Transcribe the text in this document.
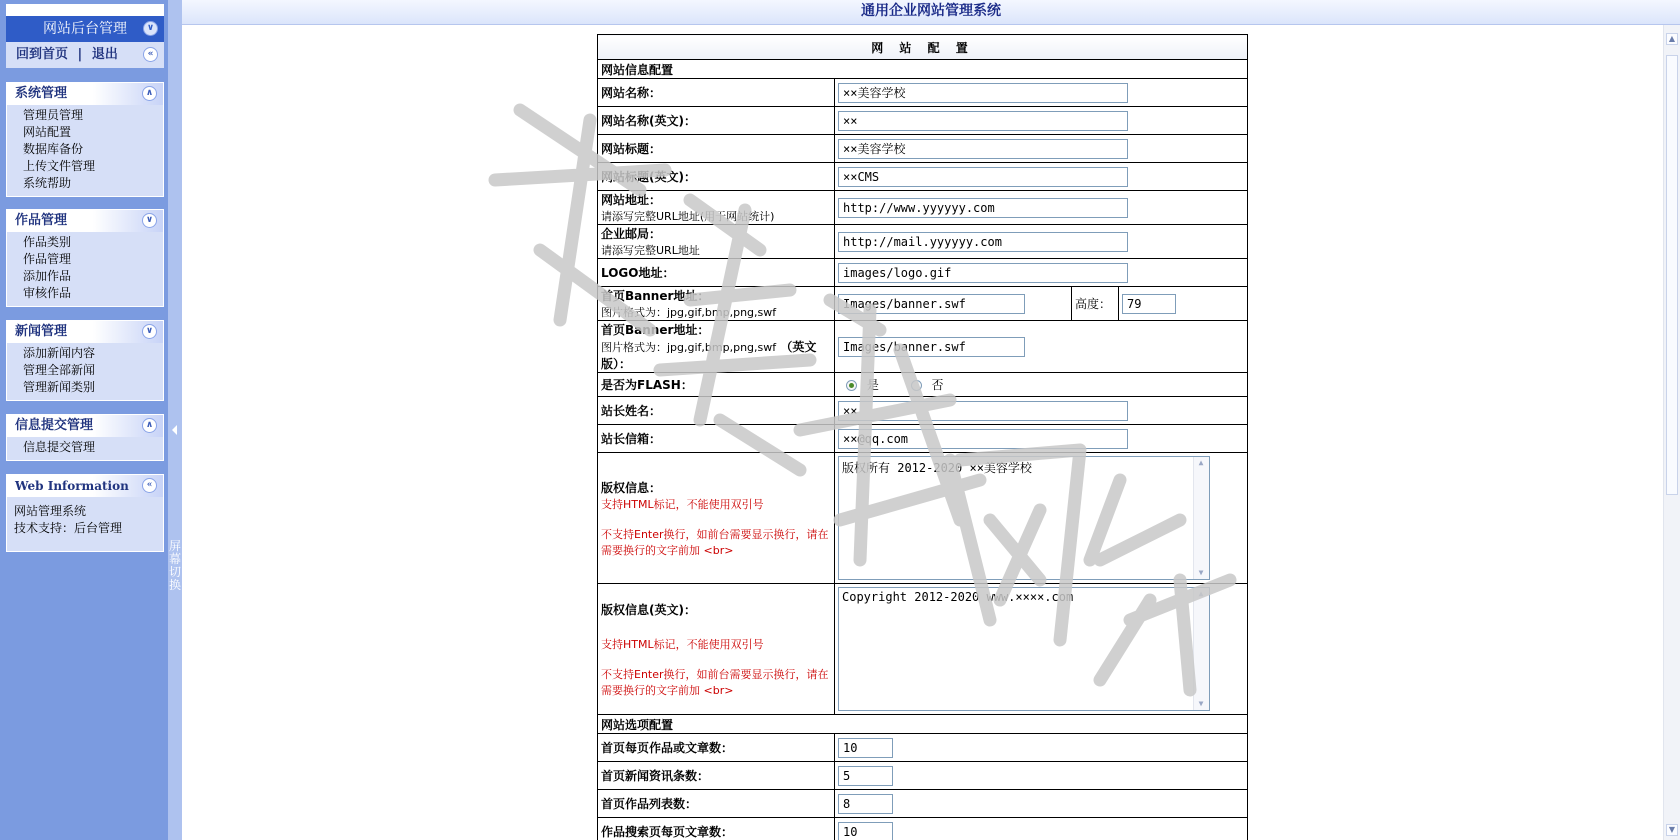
网站后台管理	∨
回到首页 | 退出	«
系统管理	∧
管理员管理
网站配置
数据库备份
上传文件管理
系统帮助
作品管理	∨
作品类别
作品管理
添加作品
审核作品
新闻管理	∨
添加新闻内容
管理全部新闻
管理新闻类别
信息提交管理	∧
信息提交管理
Web Information	«
网站管理系统
技术支持：后台管理
屏幕切换
通用企业网站管理系统
网 站 配 置
网站信息配置
网站名称：	××美容学校
网站名称(英文)：	××
网站标题：	××美容学校
网站标题(英文)：	××CMS

网站地址：
请添写完整URL地址(用于网站统计)
	http://www.yyyyyy.com

企业邮局：
请添写完整URL地址
	http://mail.yyyyyy.com
LOGO地址：	images/logo.gif

首页Banner地址：
图片格式为：jpg,gif,bmp,png,swf

Images/banner.swf	高度：	79

首页Banner地址：
图片格式为：jpg,gif,bmp,png,swf （英文版）：
	Images/banner.swf
是否为FLASH：	是	否
站长姓名：	××
站长信箱：	××@qq.com

版权信息：
支持HTML标记，不能使用双引号
不支持Enter换行，如前台需要显示换行，请在需要换行的文字前加 <br>

版权所有 2012-2020 ××美容学校	▲
▼

版权信息(英文)：
支持HTML标记，不能使用双引号
不支持Enter换行，如前台需要显示换行，请在需要换行的文字前加 <br>

Copyright 2012-2020 www.××××.com	▲
▼

网站选项配置
首页每页作品或文章数：	10
首页新闻资讯条数：	5
首页作品列表数：	8
作品搜索页每页文章数：	10
▲
▼
